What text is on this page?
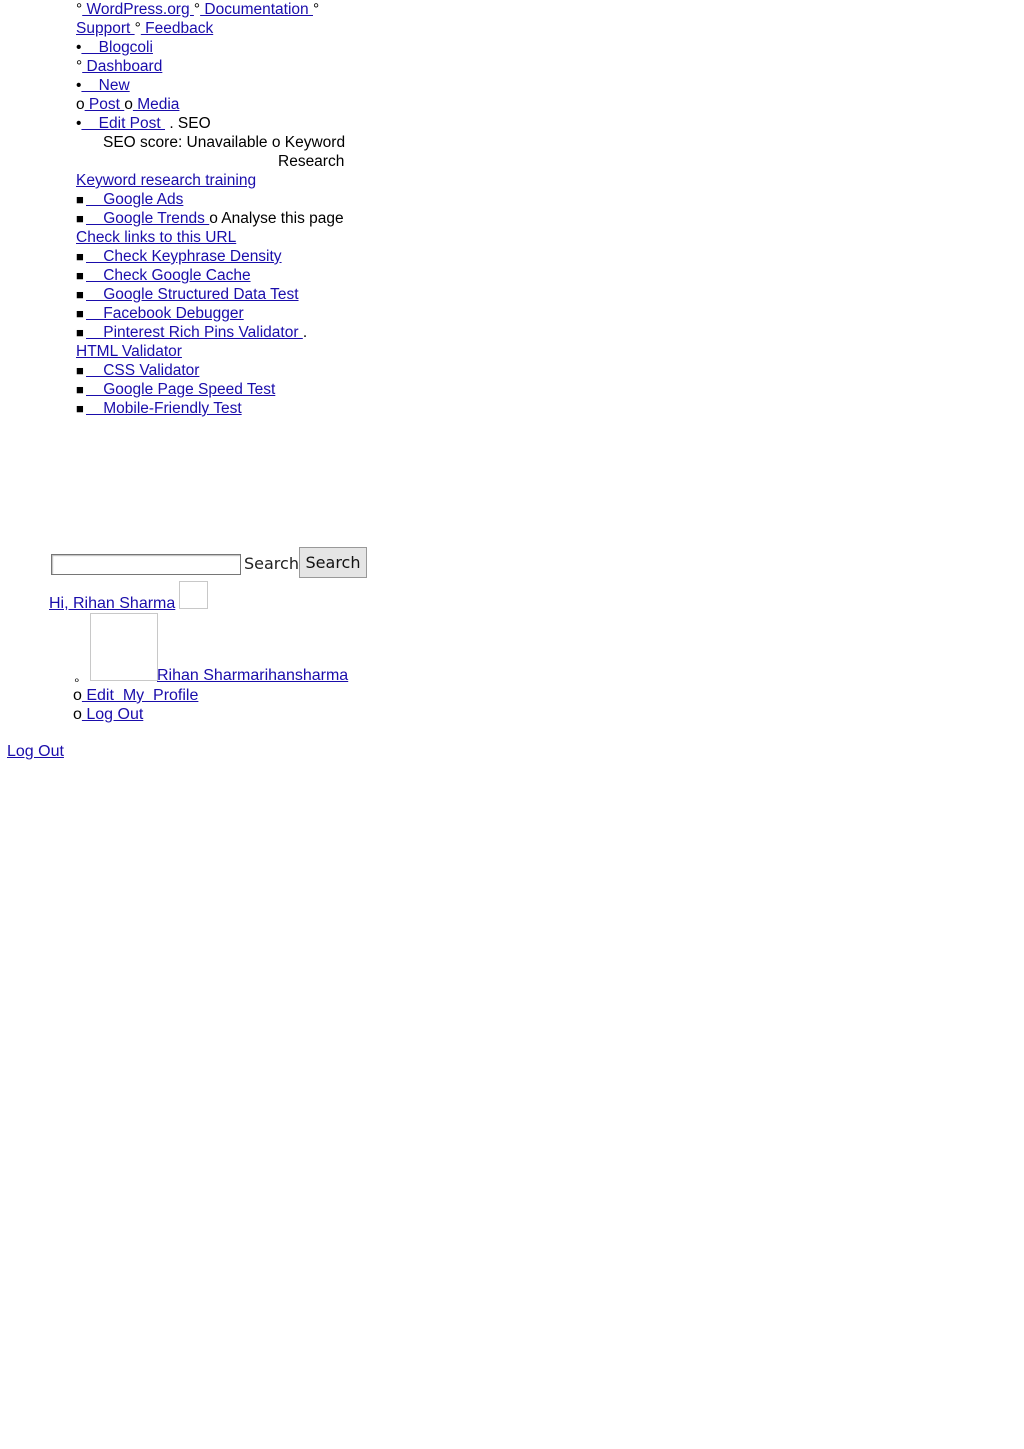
° WordPress.org ° Documentation °
Support ° Feedback
•    Blogcoli
° Dashboard
•    New
o Post o Media
•    Edit Post  . SEO
SEO score: Unavailable o Keyword
Research
Keyword research training
■    Google Ads
■    Google Trends o Analyse this page
Check links to this URL
■    Check Keyphrase Density
■    Check Google Cache
■    Google Structured Data Test
■    Facebook Debugger
■    Pinterest Rich Pins Validator .
HTML Validator
■    CSS Validator
■    Google Page Speed Test
■    Mobile-Friendly Test
Search Search
Hi, Rihan Sharma
∘	Rihan Sharmarihansharma
o Edit  My  Profile
o Log Out
Log Out
